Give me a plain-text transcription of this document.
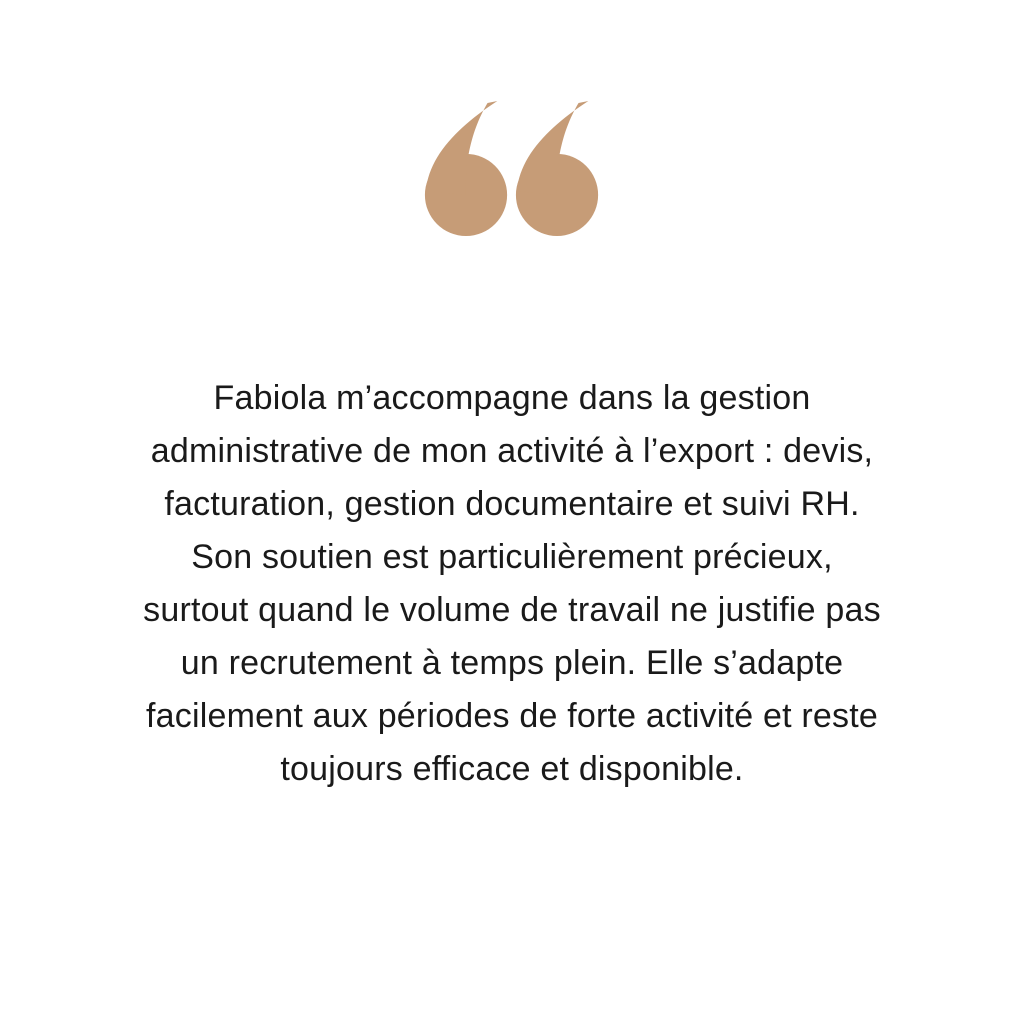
Fabiola m’accompagne dans la gestion
administrative de mon activité à l’export : devis,
facturation, gestion documentaire et suivi RH.
Son soutien est particulièrement précieux,
surtout quand le volume de travail ne justifie pas
un recrutement à temps plein. Elle s’adapte
facilement aux périodes de forte activité et reste
toujours efficace et disponible.
